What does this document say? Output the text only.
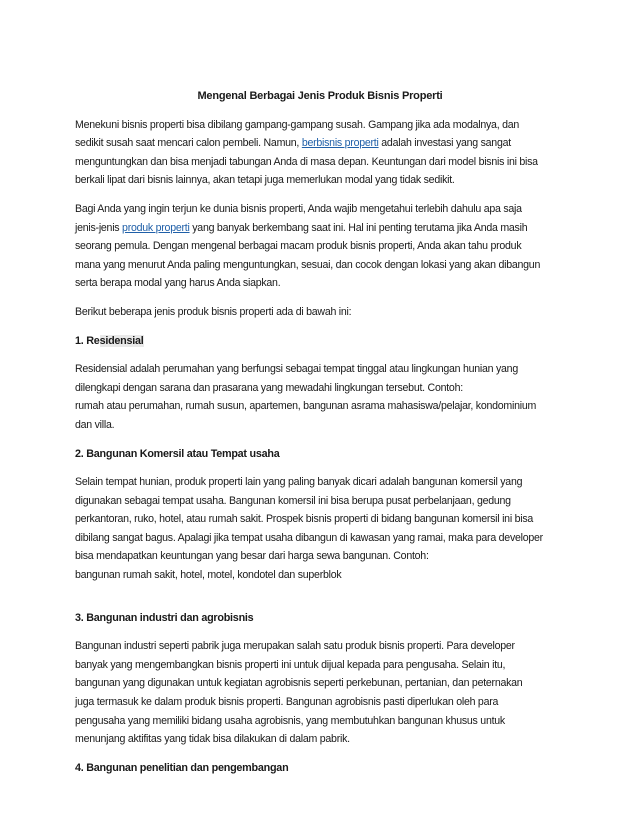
Mengenal Berbagai Jenis Produk Bisnis Properti

Menekuni bisnis properti bisa dibilang gampang-gampang susah. Gampang jika ada modalnya, dan
sedikit susah saat mencari calon pembeli. Namun, berbisnis properti adalah investasi yang sangat
menguntungkan dan bisa menjadi tabungan Anda di masa depan. Keuntungan dari model bisnis ini bisa
berkali lipat dari bisnis lainnya, akan tetapi juga memerlukan modal yang tidak sedikit.

Bagi Anda yang ingin terjun ke dunia bisnis properti, Anda wajib mengetahui terlebih dahulu apa saja
jenis-jenis produk properti yang banyak berkembang saat ini. Hal ini penting terutama jika Anda masih
seorang pemula. Dengan mengenal berbagai macam produk bisnis properti, Anda akan tahu produk
mana yang menurut Anda paling menguntungkan, sesuai, dan cocok dengan lokasi yang akan dibangun
serta berapa modal yang harus Anda siapkan.

Berikut beberapa jenis produk bisnis properti ada di bawah ini:

1. Residensial

Residensial adalah perumahan yang berfungsi sebagai tempat tinggal atau lingkungan hunian yang
dilengkapi dengan sarana dan prasarana yang mewadahi lingkungan tersebut. Contoh:
rumah atau perumahan, rumah susun, apartemen, bangunan asrama mahasiswa/pelajar, kondominium
dan villa.

2. Bangunan Komersil atau Tempat usaha

Selain tempat hunian, produk properti lain yang paling banyak dicari adalah bangunan komersil yang
digunakan sebagai tempat usaha. Bangunan komersil ini bisa berupa pusat perbelanjaan, gedung
perkantoran, ruko, hotel, atau rumah sakit. Prospek bisnis properti di bidang bangunan komersil ini bisa
dibilang sangat bagus. Apalagi jika tempat usaha dibangun di kawasan yang ramai, maka para developer
bisa mendapatkan keuntungan yang besar dari harga sewa bangunan. Contoh:
bangunan rumah sakit, hotel, motel, kondotel dan superblok

3. Bangunan industri dan agrobisnis

Bangunan industri seperti pabrik juga merupakan salah satu produk bisnis properti. Para developer
banyak yang mengembangkan bisnis properti ini untuk dijual kepada para pengusaha. Selain itu,
bangunan yang digunakan untuk kegiatan agrobisnis seperti perkebunan, pertanian, dan peternakan
juga termasuk ke dalam produk bisnis properti. Bangunan agrobisnis pasti diperlukan oleh para
pengusaha yang memiliki bidang usaha agrobisnis, yang membutuhkan bangunan khusus untuk
menunjang aktifitas yang tidak bisa dilakukan di dalam pabrik.

4. Bangunan penelitian dan pengembangan
